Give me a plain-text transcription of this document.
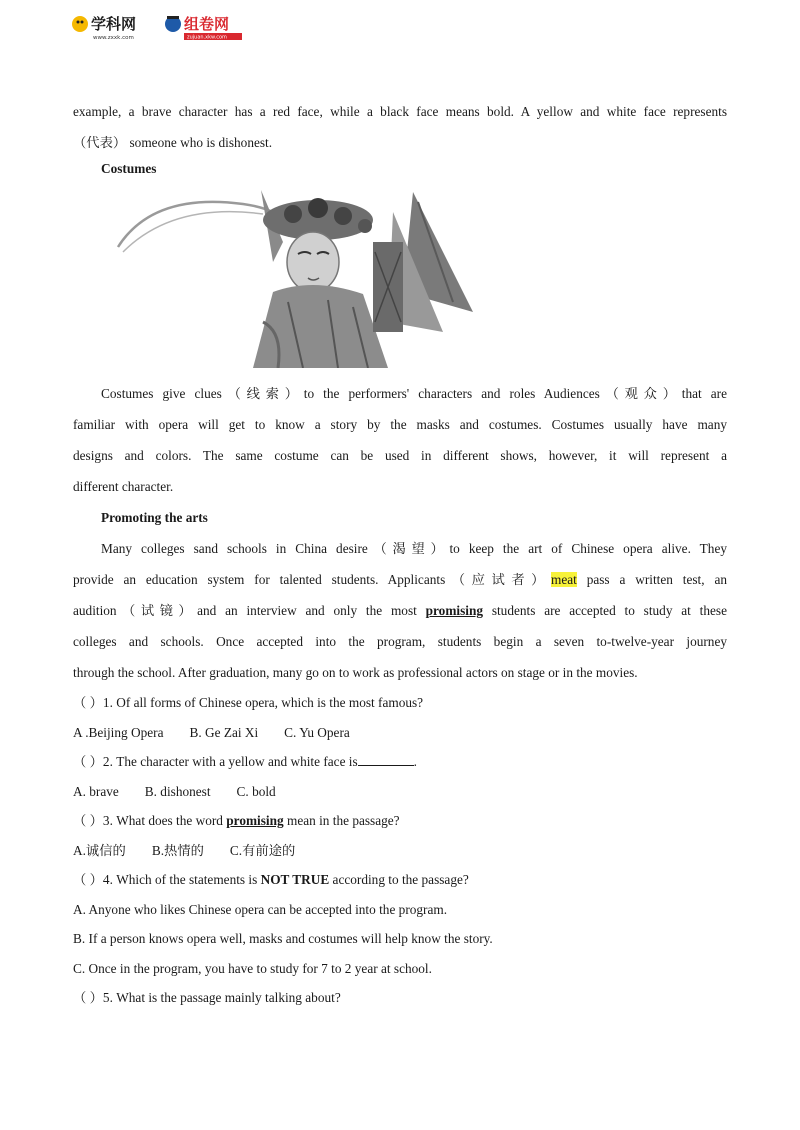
学科网
www.zxxk.com
组卷网
zujuan.xkw.com

example, a brave character has a red face, while a black face means bold. A yellow and white face represents

（代表） someone who is dishonest.

Costumes

Costumes give clues（线索）to the performers' characters and roles Audiences（观众）that are

familiar with opera will get to know a story by the masks and costumes. Costumes usually have many

designs and colors. The same costume can be used in different shows, however, it will represent a

different character.

Promoting the arts

Many colleges sand schools in China desire（渴望）to keep the art of Chinese opera alive. They

provide an education system for talented students. Applicants（应试者）meat pass a written test, an

audition（试镜）and an interview and only the most promising students are accepted to study at these

colleges and schools. Once accepted into the program, students begin a seven to-twelve-year journey

through the school. After graduation, many go on to work as professional actors on stage or in the movies.

（ ）1. Of all forms of Chinese opera, which is the most famous?

A .Beijing Opera B. Ge Zai Xi C. Yu Opera

（ ）2. The character with a yellow and white face is	.

A. brave B. dishonest C. bold

（ ）3. What does the word promising mean in the passage?

A.诚信的 B.热情的 C.有前途的

（ ）4. Which of the statements is NOT TRUE according to the passage?

A. Anyone who likes Chinese opera can be accepted into the program.

B. If a person knows opera well, masks and costumes will help know the story.

C. Once in the program, you have to study for 7 to 2 year at school.

（ ）5. What is the passage mainly talking about?
